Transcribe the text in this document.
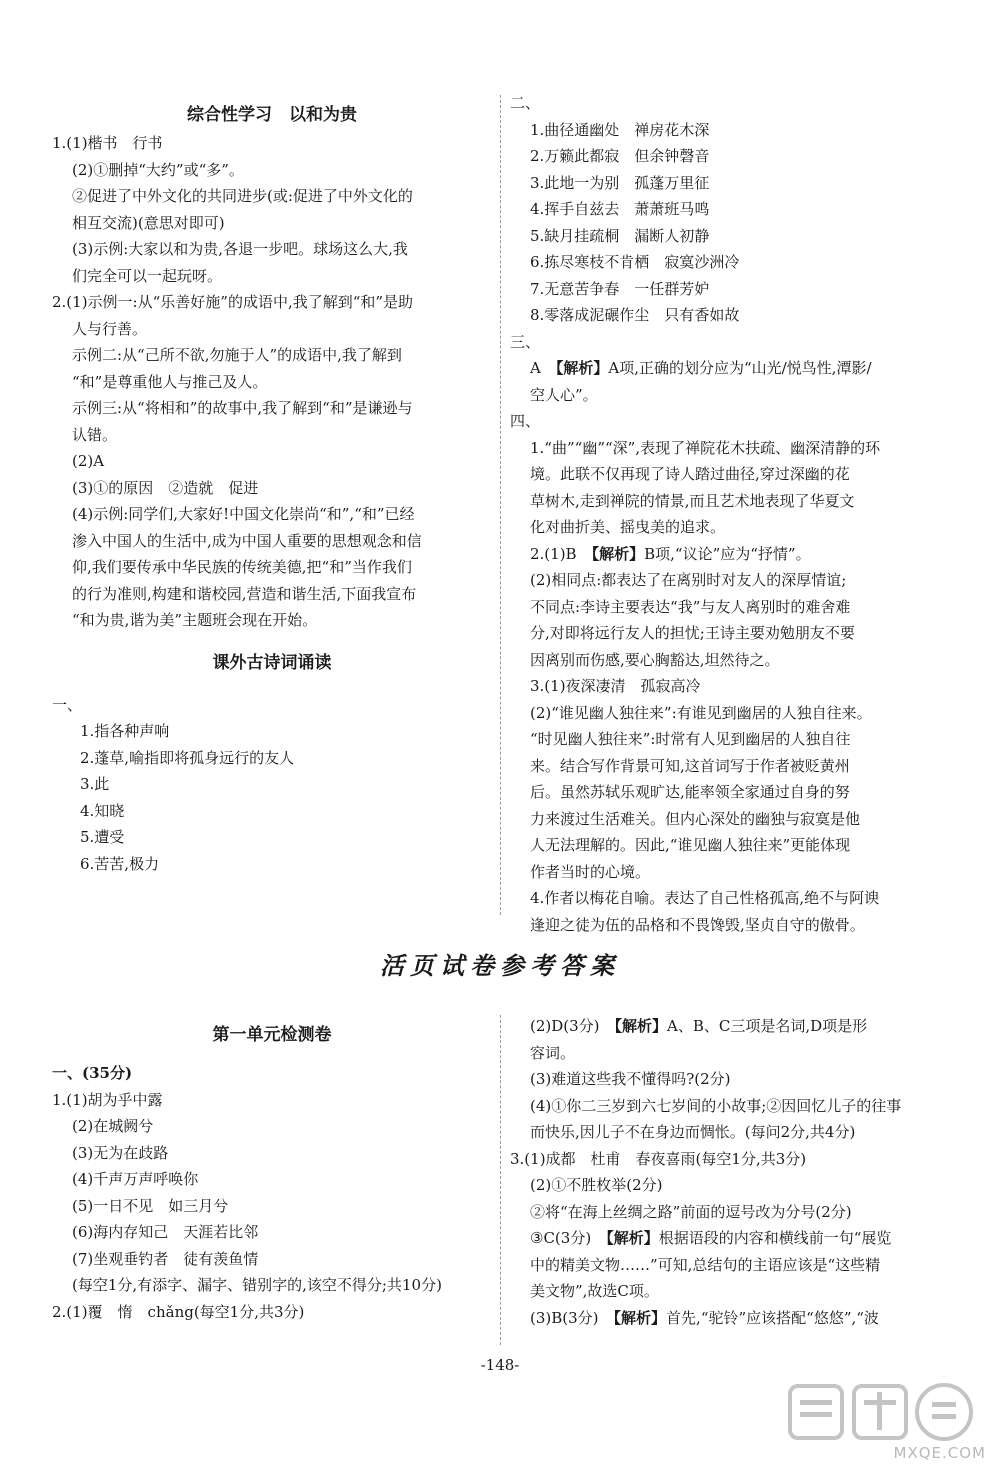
综合性学习　以和为贵
1.(1)楷书　行书
(2)①删掉“大约”或“多”。
②促进了中外文化的共同进步(或:促进了中外文化的
相互交流)(意思对即可)
(3)示例:大家以和为贵,各退一步吧。球场这么大,我
们完全可以一起玩呀。
2.(1)示例一:从“乐善好施”的成语中,我了解到“和”是助
人与行善。
示例二:从“己所不欲,勿施于人”的成语中,我了解到
“和”是尊重他人与推己及人。
示例三:从“将相和”的故事中,我了解到“和”是谦逊与
认错。
(2)A
(3)①的原因　②造就　促进
(4)示例:同学们,大家好!中国文化崇尚“和”,“和”已经
渗入中国人的生活中,成为中国人重要的思想观念和信
仰,我们要传承中华民族的传统美德,把“和”当作我们
的行为准则,构建和谐校园,营造和谐生活,下面我宣布
“和为贵,谐为美”主题班会现在开始。
课外古诗词诵读
一、
1.指各种声响
2.蓬草,喻指即将孤身远行的友人
3.此
4.知晓
5.遭受
6.苦苦,极力
二、
1.曲径通幽处　禅房花木深
2.万籁此都寂　但余钟磬音
3.此地一为别　孤蓬万里征
4.挥手自兹去　萧萧班马鸣
5.缺月挂疏桐　漏断人初静
6.拣尽寒枝不肯栖　寂寞沙洲冷
7.无意苦争春　一任群芳妒
8.零落成泥碾作尘　只有香如故
三、
A　【解析】A项,正确的划分应为“山光/悦鸟性,潭影/
空人心”。
四、
1.“曲”“幽”“深”,表现了禅院花木扶疏、幽深清静的环
境。此联不仅再现了诗人踏过曲径,穿过深幽的花
草树木,走到禅院的情景,而且艺术地表现了华夏文
化对曲折美、摇曳美的追求。
2.(1)B　【解析】B项,“议论”应为“抒情”。
(2)相同点:都表达了在离别时对友人的深厚情谊;
不同点:李诗主要表达“我”与友人离别时的难舍难
分,对即将远行友人的担忧;王诗主要劝勉朋友不要
因离别而伤感,要心胸豁达,坦然待之。
3.(1)夜深凄清　孤寂高冷
(2)“谁见幽人独往来”:有谁见到幽居的人独自往来。
“时见幽人独往来”:时常有人见到幽居的人独自往
来。结合写作背景可知,这首词写于作者被贬黄州
后。虽然苏轼乐观旷达,能率领全家通过自身的努
力来渡过生活难关。但内心深处的幽独与寂寞是他
人无法理解的。因此,“谁见幽人独往来”更能体现
作者当时的心境。
4.作者以梅花自喻。表达了自己性格孤高,绝不与阿谀
逢迎之徒为伍的品格和不畏馋毁,坚贞自守的傲骨。
活页试卷参考答案
第一单元检测卷
一、(35分)
1.(1)胡为乎中露
(2)在城阙兮
(3)无为在歧路
(4)千声万声呼唤你
(5)一日不见　如三月兮
(6)海内存知己　天涯若比邻
(7)坐观垂钓者　徒有羡鱼情
(每空1分,有添字、漏字、错别字的,该空不得分;共10分)
2.(1)覆　惰　chǎng(每空1分,共3分)
(2)D(3分)　【解析】A、B、C三项是名词,D项是形
容词。
(3)难道这些我不懂得吗?(2分)
(4)①你二三岁到六七岁间的小故事;②因回忆儿子的往事
而快乐,因儿子不在身边而惆怅。(每问2分,共4分)
3.(1)成都　杜甫　春夜喜雨(每空1分,共3分)
(2)①不胜枚举(2分)
②将“在海上丝绸之路”前面的逗号改为分号(2分)
③C(3分)　【解析】根据语段的内容和横线前一句“展览
中的精美文物……”可知,总结句的主语应该是“这些精
美文物”,故选C项。
(3)B(3分)　【解析】首先,“驼铃”应该搭配“悠悠”,“波
-148-
MXQE.COM
